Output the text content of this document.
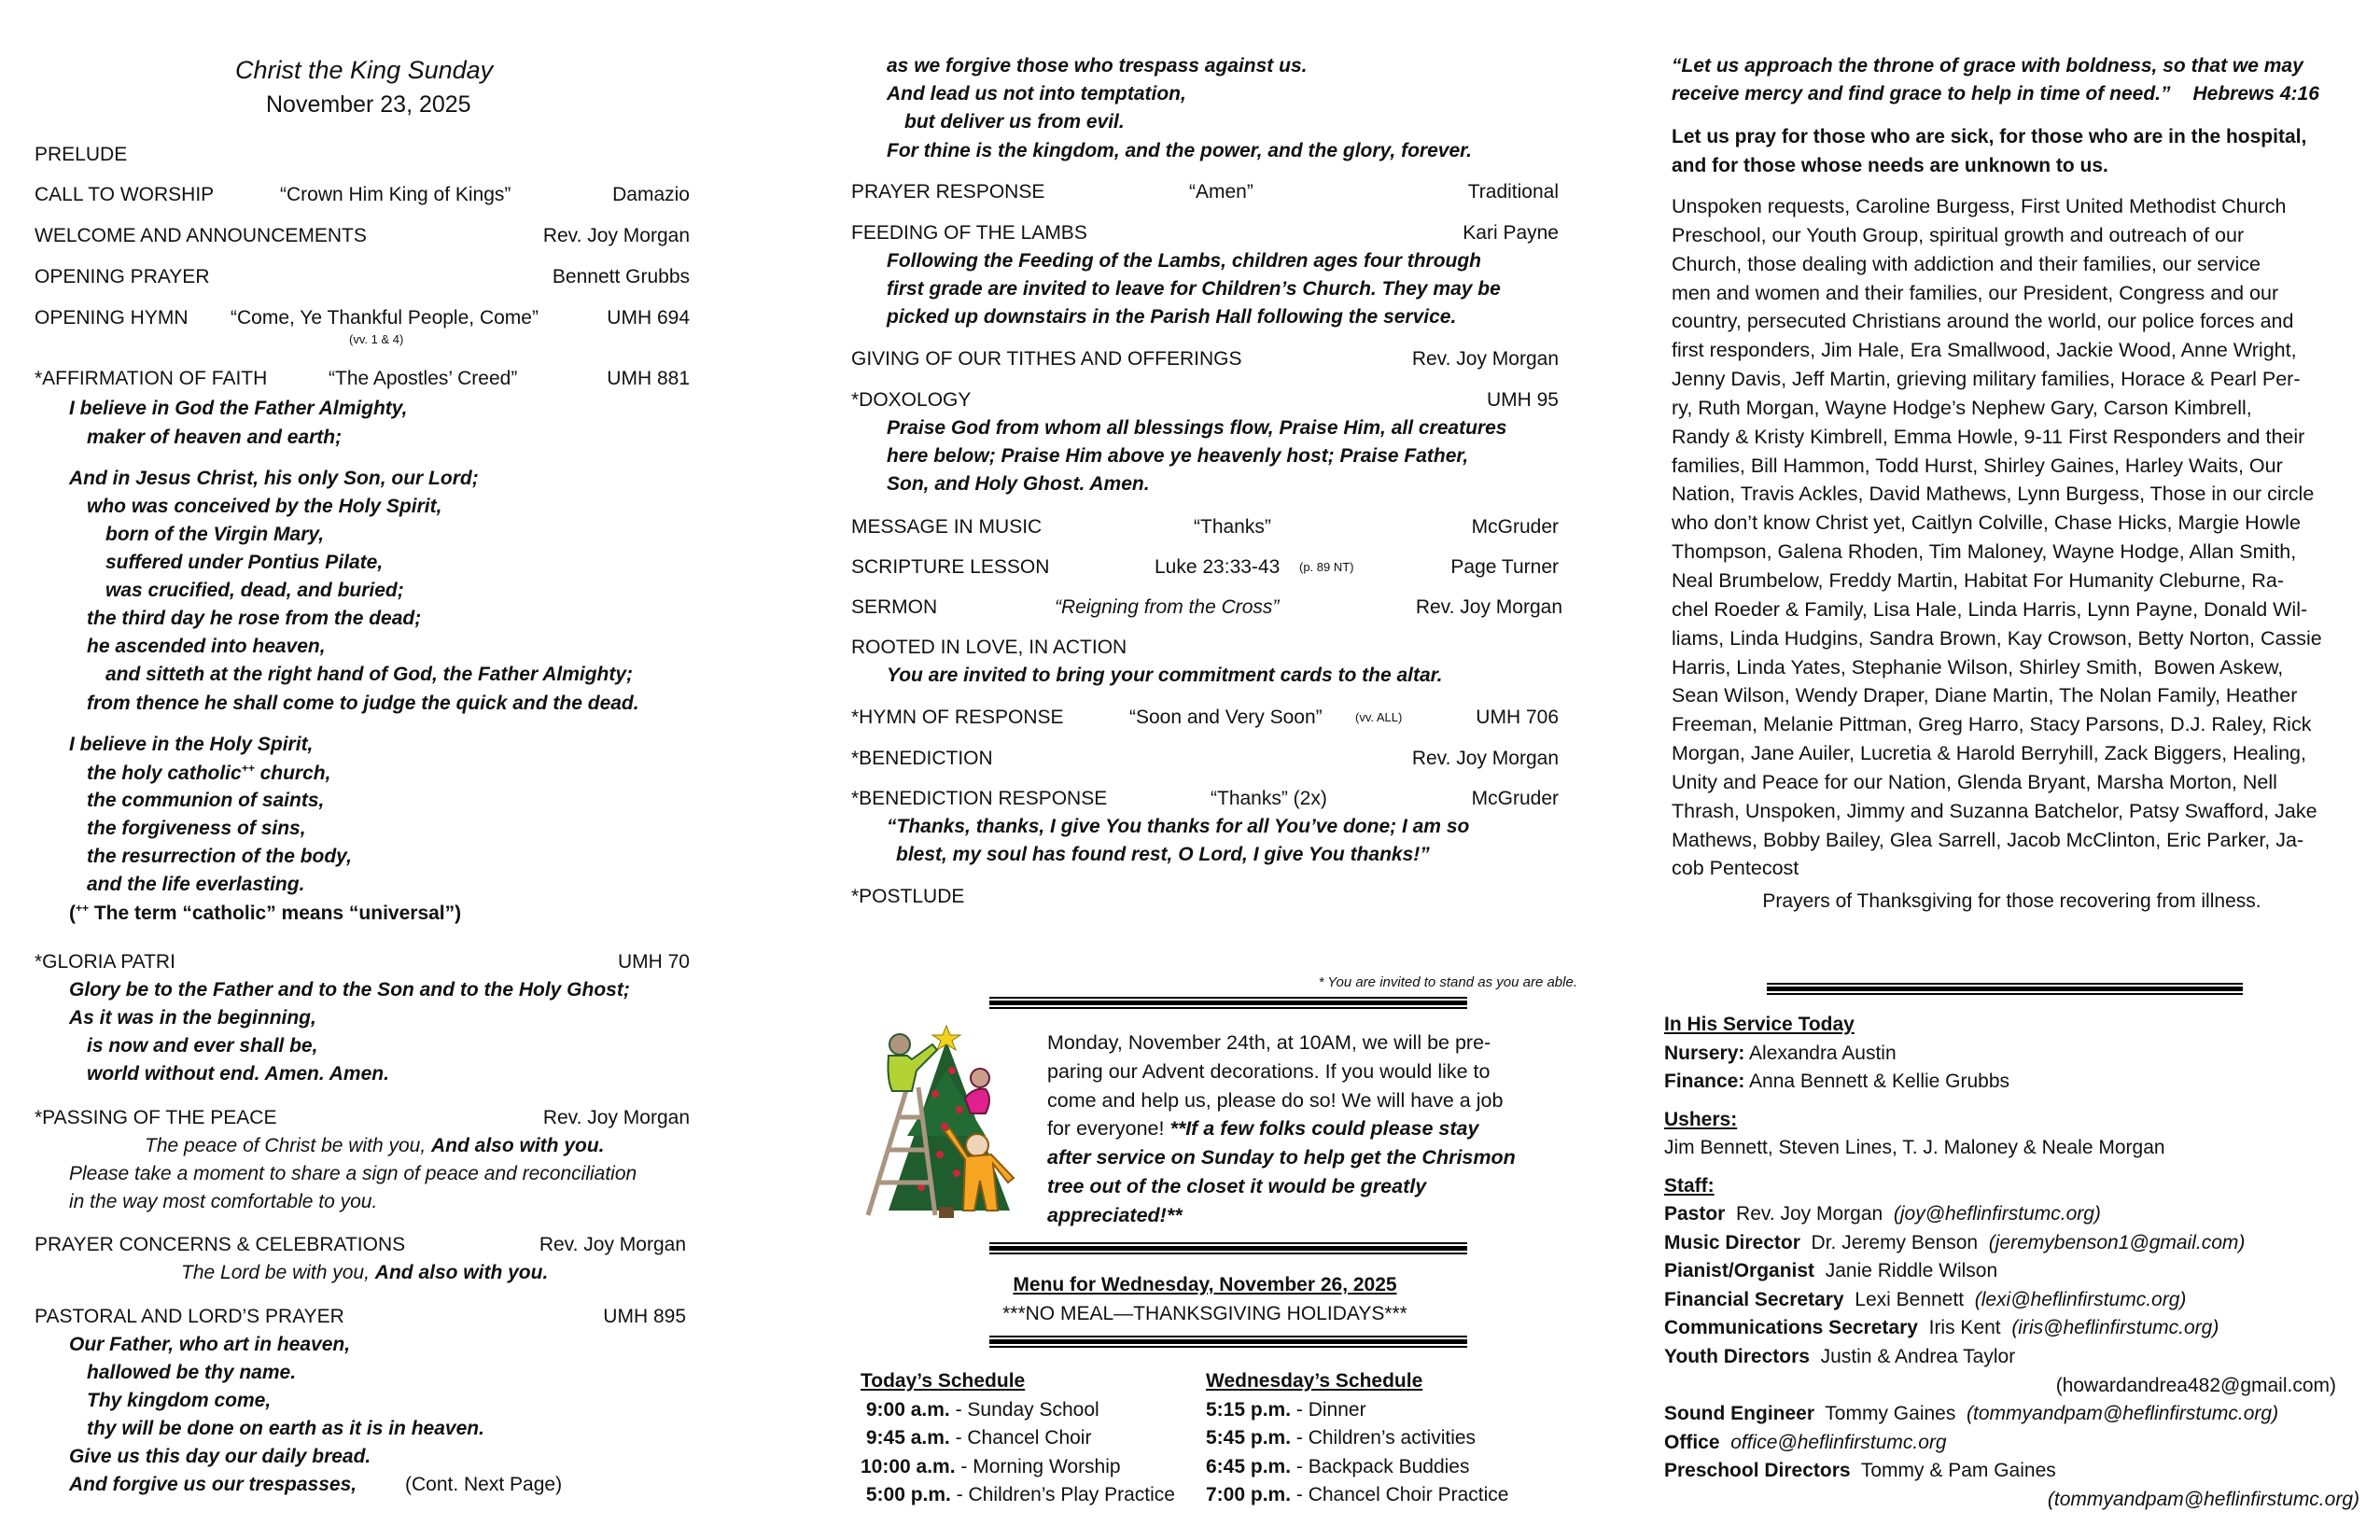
Christ the King Sunday
November 23, 2025
PRELUDE
CALL TO WORSHIP	“Crown Him King of Kings”	Damazio
WELCOME AND ANNOUNCEMENTS	Rev. Joy Morgan
OPENING PRAYER	Bennett Grubbs
OPENING HYMN “Come, Ye Thankful People, Come”	UMH 694
(vv. 1 & 4)
*AFFIRMATION OF FAITH	“The Apostles’ Creed”	UMH 881
I believe in God the Father Almighty,
maker of heaven and earth;
And in Jesus Christ, his only Son, our Lord;
who was conceived by the Holy Spirit,
born of the Virgin Mary,
suffered under Pontius Pilate,
was crucified, dead, and buried;
the third day he rose from the dead;
he ascended into heaven,
and sitteth at the right hand of God, the Father Almighty;
from thence he shall come to judge the quick and the dead.
I believe in the Holy Spirit,
the holy catholic++ church,
the communion of saints,
the forgiveness of sins,
the resurrection of the body,
and the life everlasting.
(++ The term “catholic” means “universal”)
*GLORIA PATRI	UMH 70
Glory be to the Father and to the Son and to the Holy Ghost;
As it was in the beginning,
is now and ever shall be,
world without end. Amen. Amen.
*PASSING OF THE PEACE	Rev. Joy Morgan
The peace of Christ be with you, And also with you.
Please take a moment to share a sign of peace and reconciliation
in the way most comfortable to you.
PRAYER CONCERNS & CELEBRATIONS	Rev. Joy Morgan
The Lord be with you, And also with you.
PASTORAL AND LORD’S PRAYER	UMH 895
Our Father, who art in heaven,
hallowed be thy name.
Thy kingdom come,
thy will be done on earth as it is in heaven.
Give us this day our daily bread.
And forgive us our trespasses, (Cont. Next Page)
as we forgive those who trespass against us.
And lead us not into temptation,
but deliver us from evil.
For thine is the kingdom, and the power, and the glory, forever.
PRAYER RESPONSE	“Amen”	Traditional
FEEDING OF THE LAMBS	Kari Payne
Following the Feeding of the Lambs, children ages four through
first grade are invited to leave for Children’s Church. They may be
picked up downstairs in the Parish Hall following the service.
GIVING OF OUR TITHES AND OFFERINGS	Rev. Joy Morgan
*DOXOLOGY	UMH 95
Praise God from whom all blessings flow, Praise Him, all creatures
here below; Praise Him above ye heavenly host; Praise Father,
Son, and Holy Ghost. Amen.
MESSAGE IN MUSIC	“Thanks”	McGruder
SCRIPTURE LESSON	Luke 23:33-43 (p. 89 NT)	Page Turner
SERMON	“Reigning from the Cross”	Rev. Joy Morgan
ROOTED IN LOVE, IN ACTION
You are invited to bring your commitment cards to the altar.
*HYMN OF RESPONSE	“Soon and Very Soon”	(vv. ALL)	UMH 706
*BENEDICTION	Rev. Joy Morgan
*BENEDICTION RESPONSE	“Thanks” (2x)	McGruder
“Thanks, thanks, I give You thanks for all You’ve done; I am so
blest, my soul has found rest, O Lord, I give You thanks!”
*POSTLUDE
* You are invited to stand as you are able.
Monday, November 24th, at 10AM, we will be pre-
paring our Advent decorations. If you would like to
come and help us, please do so! We will have a job
for everyone! **If a few folks could please stay
after service on Sunday to help get the Chrismon
tree out of the closet it would be greatly
appreciated!**
Menu for Wednesday, November 26, 2025
***NO MEAL—THANKSGIVING HOLIDAYS***
Today’s Schedule
9:00 a.m. - Sunday School
9:45 a.m. - Chancel Choir
10:00 a.m. - Morning Worship
5:00 p.m. - Children’s Play Practice
Wednesday’s Schedule
5:15 p.m. - Dinner
5:45 p.m. - Children’s activities
6:45 p.m. - Backpack Buddies
7:00 p.m. - Chancel Choir Practice
“Let us approach the throne of grace with boldness, so that we may
receive mercy and find grace to help in time of need.” Hebrews 4:16
Let us pray for those who are sick, for those who are in the hospital,
and for those whose needs are unknown to us.
Unspoken requests, Caroline Burgess, First United Methodist Church
Preschool, our Youth Group, spiritual growth and outreach of our
Church, those dealing with addiction and their families, our service
men and women and their families, our President, Congress and our
country, persecuted Christians around the world, our police forces and
first responders, Jim Hale, Era Smallwood, Jackie Wood, Anne Wright,
Jenny Davis, Jeff Martin, grieving military families, Horace & Pearl Per-
ry, Ruth Morgan, Wayne Hodge’s Nephew Gary, Carson Kimbrell,
Randy & Kristy Kimbrell, Emma Howle, 9-11 First Responders and their
families, Bill Hammon, Todd Hurst, Shirley Gaines, Harley Waits, Our
Nation, Travis Ackles, David Mathews, Lynn Burgess, Those in our circle
who don’t know Christ yet, Caitlyn Colville, Chase Hicks, Margie Howle
Thompson, Galena Rhoden, Tim Maloney, Wayne Hodge, Allan Smith,
Neal Brumbelow, Freddy Martin, Habitat For Humanity Cleburne, Ra-
chel Roeder & Family, Lisa Hale, Linda Harris, Lynn Payne, Donald Wil-
liams, Linda Hudgins, Sandra Brown, Kay Crowson, Betty Norton, Cassie
Harris, Linda Yates, Stephanie Wilson, Shirley Smith,  Bowen Askew,
Sean Wilson, Wendy Draper, Diane Martin, The Nolan Family, Heather
Freeman, Melanie Pittman, Greg Harro, Stacy Parsons, D.J. Raley, Rick
Morgan, Jane Auiler, Lucretia & Harold Berryhill, Zack Biggers, Healing,
Unity and Peace for our Nation, Glenda Bryant, Marsha Morton, Nell
Thrash, Unspoken, Jimmy and Suzanna Batchelor, Patsy Swafford, Jake
Mathews, Bobby Bailey, Glea Sarrell, Jacob McClinton, Eric Parker, Ja-
cob Pentecost
Prayers of Thanksgiving for those recovering from illness.
In His Service Today
Nursery: Alexandra Austin
Finance: Anna Bennett & Kellie Grubbs
Ushers:
Jim Bennett, Steven Lines, T. J. Maloney & Neale Morgan
Staff:
Pastor  Rev. Joy Morgan  (joy@heflinfirstumc.org)
Music Director  Dr. Jeremy Benson  (jeremybenson1@gmail.com)
Pianist/Organist  Janie Riddle Wilson
Financial Secretary  Lexi Bennett  (lexi@heflinfirstumc.org)
Communications Secretary  Iris Kent  (iris@heflinfirstumc.org)
Youth Directors  Justin & Andrea Taylor
(howardandrea482@gmail.com)
Sound Engineer  Tommy Gaines  (tommyandpam@heflinfirstumc.org)
Office office@heflinfirstumc.org
Preschool Directors  Tommy & Pam Gaines
(tommyandpam@heflinfirstumc.org)
